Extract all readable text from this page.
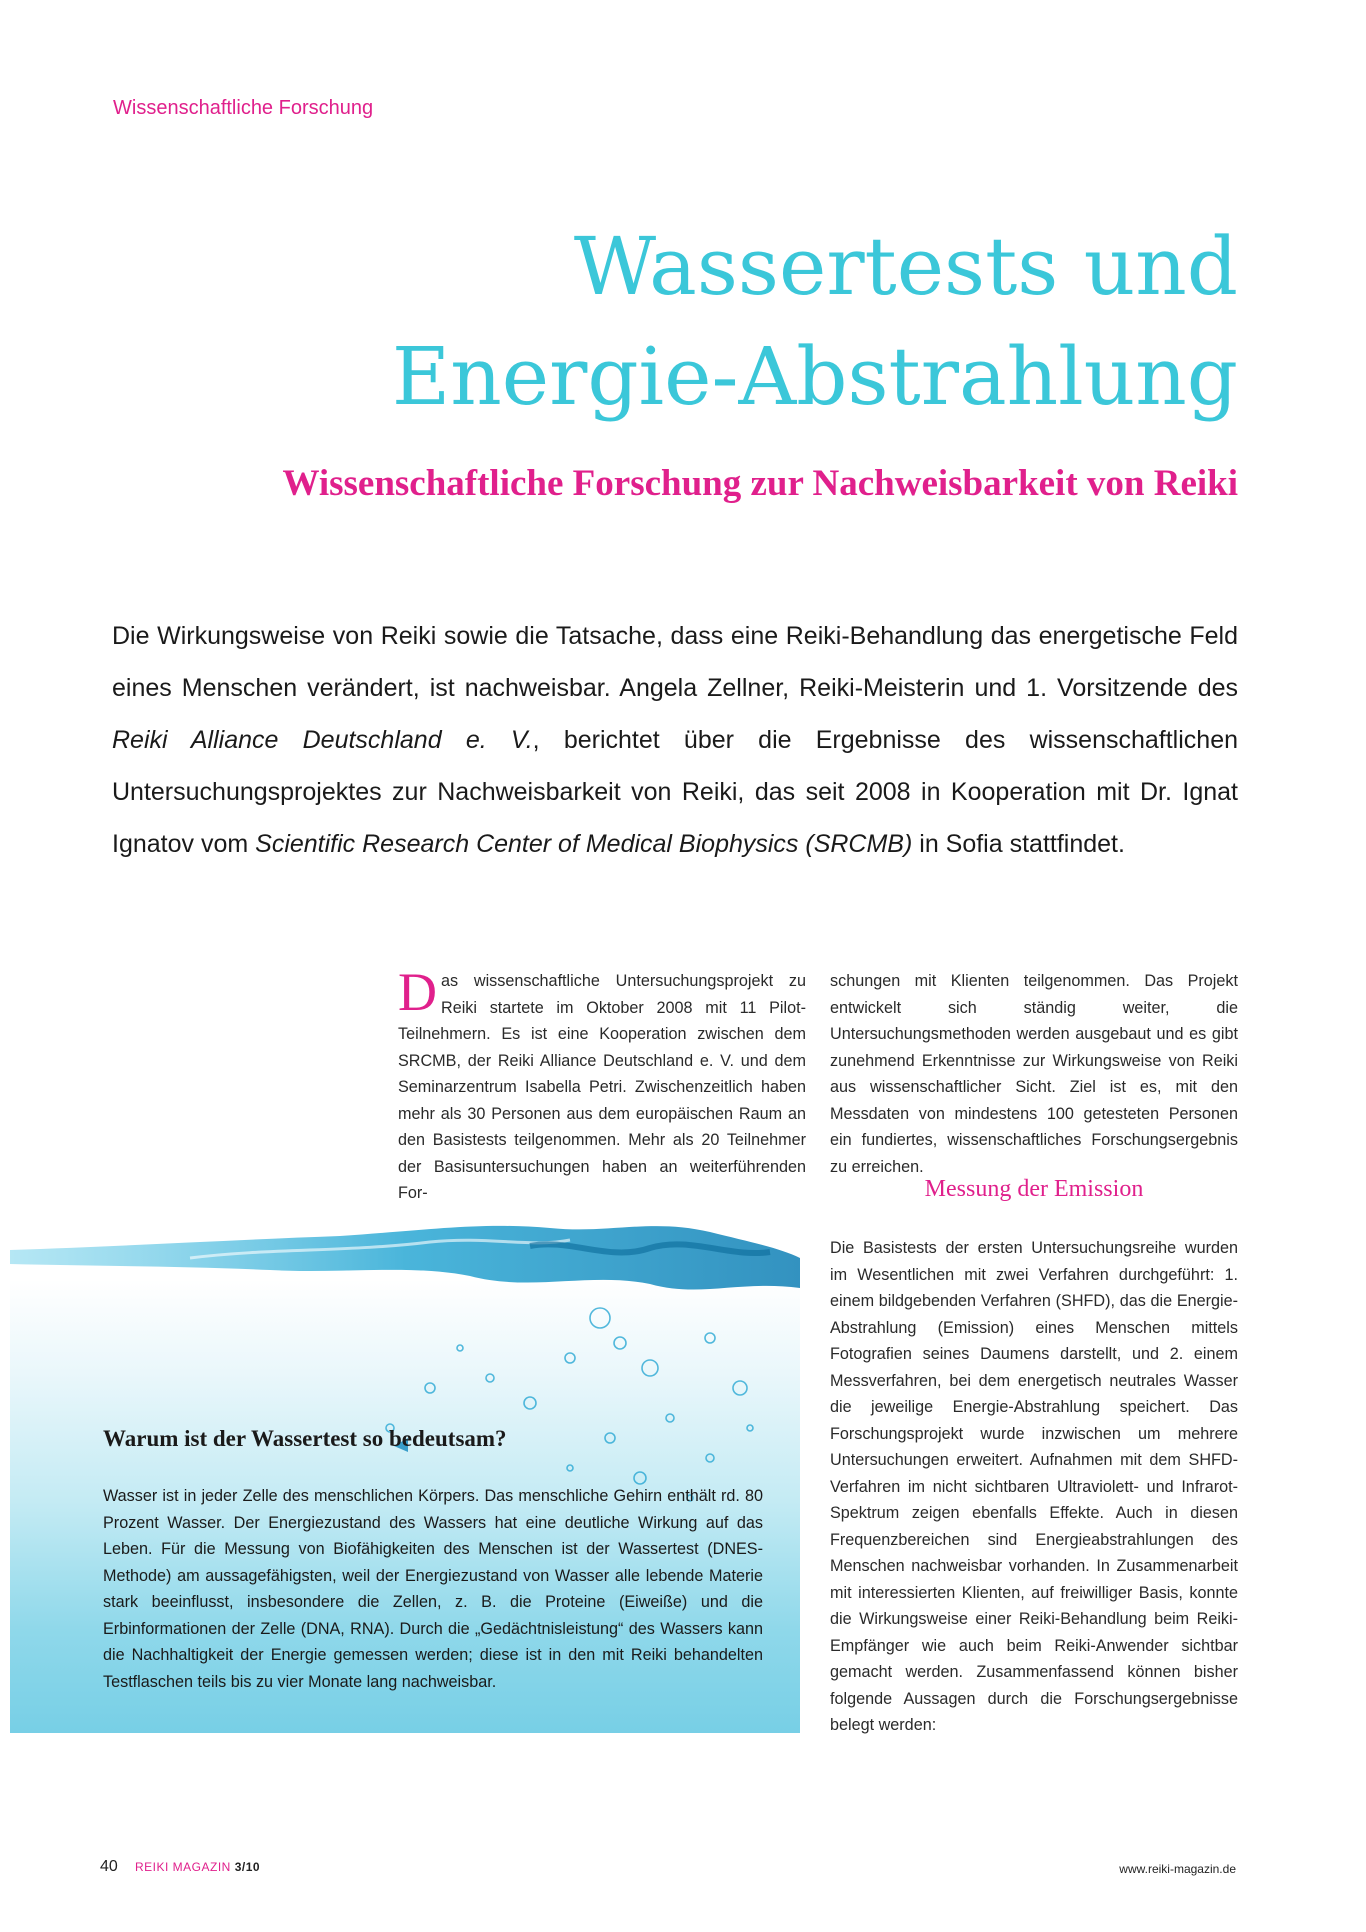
Wissenschaftliche Forschung
Wassertests und
Energie-Abstrahlung
Wissenschaftliche Forschung zur Nachweisbarkeit von Reiki
Die Wirkungsweise von Reiki sowie die Tatsache, dass eine Reiki-Behandlung das energetische Feld eines Menschen verändert, ist nachweisbar. Angela Zellner, Reiki-Meisterin und 1. Vorsitzende des Reiki Alliance Deutschland e. V., berichtet über die Ergebnisse des wissenschaftlichen Untersuchungsprojektes zur Nachweisbarkeit von Reiki, das seit 2008 in Kooperation mit Dr. Ignat Ignatov vom Scientific Research Center of Medical Biophysics (SRCMB) in Sofia stattfindet.
Das wissenschaftliche Untersuchungsprojekt zu Reiki startete im Oktober 2008 mit 11 Pilot-Teilnehmern. Es ist eine Kooperation zwischen dem SRCMB, der Reiki Alliance Deutschland e. V. und dem Seminarzentrum Isabella Petri. Zwischenzeitlich haben mehr als 30 Personen aus dem europäischen Raum an den Basistests teilgenommen. Mehr als 20 Teilnehmer der Basisuntersuchungen haben an weiterführenden For-
schungen mit Klienten teilgenommen. Das Projekt entwickelt sich ständig weiter, die Untersuchungsmethoden werden ausgebaut und es gibt zunehmend Erkenntnisse zur Wirkungsweise von Reiki aus wissenschaftlicher Sicht. Ziel ist es, mit den Messdaten von mindestens 100 getesteten Personen ein fundiertes, wissenschaftliches Forschungsergebnis zu erreichen.
Messung der Emission
Die Basistests der ersten Untersuchungsreihe wurden im Wesentlichen mit zwei Verfahren durchgeführt: 1. einem bildgebenden Verfahren (SHFD), das die Energie-Abstrahlung (Emission) eines Menschen mittels Fotografien seines Daumens darstellt, und 2. einem Messverfahren, bei dem energetisch neutrales Wasser die jeweilige Energie-Abstrahlung speichert. Das Forschungsprojekt wurde inzwischen um mehrere Untersuchungen erweitert. Aufnahmen mit dem SHFD-Verfahren im nicht sichtbaren Ultraviolett- und Infrarot-Spektrum zeigen ebenfalls Effekte. Auch in diesen Frequenzbereichen sind Energieabstrahlungen des Menschen nachweisbar vorhanden. In Zusammenarbeit mit interessierten Klienten, auf freiwilliger Basis, konnte die Wirkungsweise einer Reiki-Behandlung beim Reiki-Empfänger wie auch beim Reiki-Anwender sichtbar gemacht werden. Zusammenfassend können bisher folgende Aussagen durch die Forschungsergebnisse belegt werden:
Warum ist der Wassertest so bedeutsam?
Wasser ist in jeder Zelle des menschlichen Körpers. Das menschliche Gehirn enthält rd. 80 Prozent Wasser. Der Energiezustand des Wassers hat eine deutliche Wirkung auf das Leben. Für die Messung von Biofähigkeiten des Menschen ist der Wassertest (DNES-Methode) am aussagefähigsten, weil der Energiezustand von Wasser alle lebende Materie stark beeinflusst, insbesondere die Zellen, z. B. die Proteine (Eiweiße) und die Erbinformationen der Zelle (DNA, RNA). Durch die „Gedächtnisleistung“ des Wassers kann die Nachhaltigkeit der Energie gemessen werden; diese ist in den mit Reiki behandelten Testflaschen teils bis zu vier Monate lang nachweisbar.
40 REIKI MAGAZIN 3/10	www.reiki-magazin.de
